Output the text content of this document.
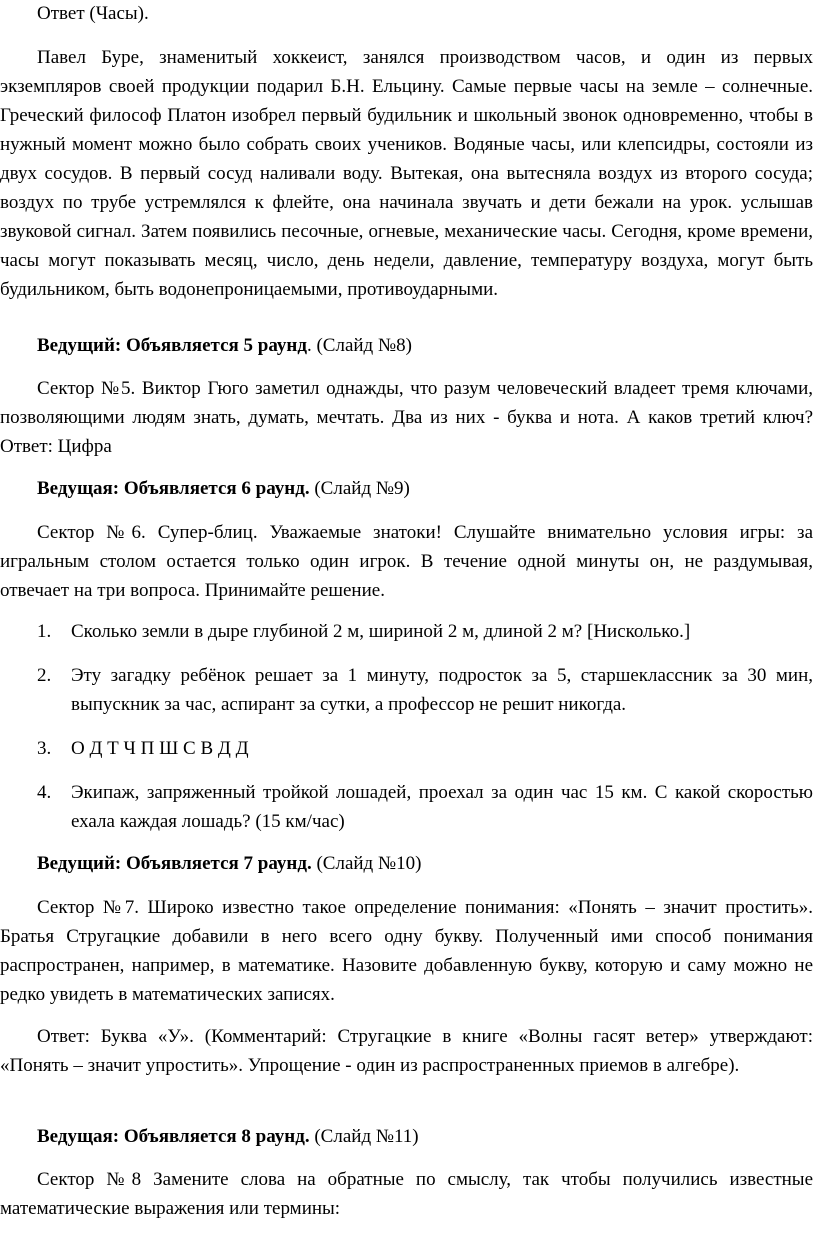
Ответ (Часы).

Павел Буре, знаменитый хоккеист, занялся производством часов, и один из первых экземпляров своей продукции подарил Б.Н. Ельцину. Самые первые часы на земле – солнечные. Греческий философ Платон изобрел первый будильник и школьный звонок одновременно, чтобы в нужный момент можно было собрать своих учеников. Водяные часы, или клепсидры, состояли из двух сосудов. В первый сосуд наливали воду. Вытекая, она вытесняла воздух из второго сосуда; воздух по трубе устремлялся к флейте, она начинала звучать и дети бежали на урок. услышав звуковой сигнал. Затем появились песочные, огневые, механические часы. Сегодня, кроме времени, часы могут показывать месяц, число, день недели, давление, температуру воздуха, могут быть будильником, быть водонепроницаемыми, противоударными.

Ведущий: Объявляется 5 раунд. (Слайд №8)

Сектор №5. Виктор Гюго заметил однажды, что разум человеческий владеет тремя ключами, позволяющими людям знать, думать, мечтать. Два из них - буква и нота. А каков третий ключ? Ответ: Цифра

Ведущая: Объявляется 6 раунд. (Слайд №9)

Сектор №6. Супер-блиц. Уважаемые знатоки! Слушайте внимательно условия игры: за игральным столом остается только один игрок. В течение одной минуты он, не раздумывая, отвечает на три вопроса. Принимайте решение.

1. Сколько земли в дыре глубиной 2 м, шириной 2 м, длиной 2 м? [Нисколько.]
2. Эту загадку ребёнок решает за 1 минуту, подросток за 5, старшеклассник за 30 мин, выпускник за час, аспирант за сутки, а профессор не решит никогда.
3. О Д Т Ч П Ш С В Д Д
4. Экипаж, запряженный тройкой лошадей, проехал за один час 15 км. С какой скоростью ехала каждая лошадь? (15 км/час)

Ведущий: Объявляется 7 раунд. (Слайд №10)

Сектор №7. Широко известно такое определение понимания: «Понять – значит простить». Братья Стругацкие добавили в него всего одну букву. Полученный ими способ понимания распространен, например, в математике. Назовите добавленную букву, которую и саму можно не редко увидеть в математических записях.

Ответ: Буква «У». (Комментарий: Стругацкие в книге «Волны гасят ветер» утверждают: «Понять – значит упростить». Упрощение - один из распространенных приемов в алгебре).

Ведущая: Объявляется 8 раунд. (Слайд №11)

Сектор №8 Замените слова на обратные по смыслу, так чтобы получились известные математические выражения или термины:
